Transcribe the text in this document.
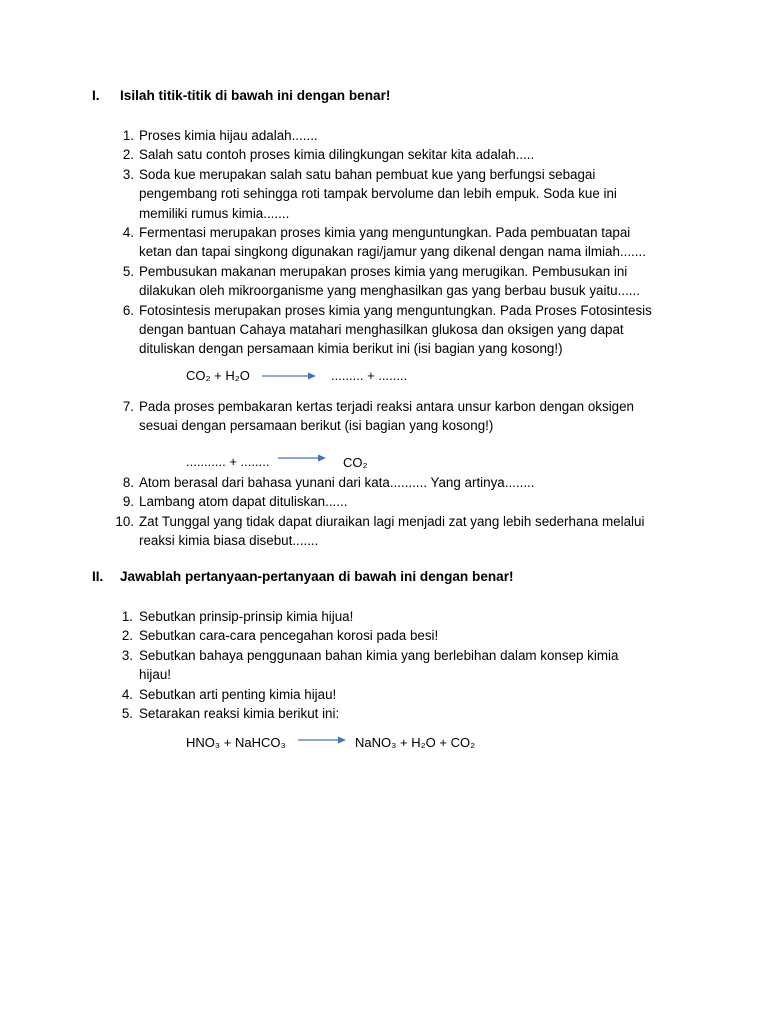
I. Isilah titik-titik di bawah ini dengan benar!
1. Proses kimia hijau adalah.......
2. Salah satu contoh proses kimia dilingkungan sekitar kita adalah.....
3. Soda kue merupakan salah satu bahan pembuat kue yang berfungsi sebagai
pengembang roti sehingga roti tampak bervolume dan lebih empuk. Soda kue ini
memiliki rumus kimia.......
4. Fermentasi merupakan proses kimia yang menguntungkan. Pada pembuatan tapai
ketan dan tapai singkong digunakan ragi/jamur yang dikenal dengan nama ilmiah.......
5. Pembusukan makanan merupakan proses kimia yang merugikan. Pembusukan ini
dilakukan oleh mikroorganisme yang menghasilkan gas yang berbau busuk yaitu......
6. Fotosintesis merupakan proses kimia yang menguntungkan. Pada Proses Fotosintesis
dengan bantuan Cahaya matahari menghasilkan glukosa dan oksigen yang dapat
dituliskan dengan persamaan kimia berikut ini (isi bagian yang kosong!)
CO₂ + H₂O	......... + ........
7. Pada proses pembakaran kertas terjadi reaksi antara unsur karbon dengan oksigen
sesuai dengan persamaan berikut (isi bagian yang kosong!)
........... + ........ → CO₂
8. Atom berasal dari bahasa yunani dari kata.......... Yang artinya........
9. Lambang atom dapat dituliskan......
10. Zat Tunggal yang tidak dapat diuraikan lagi menjadi zat yang lebih sederhana melalui
reaksi kimia biasa disebut.......
II. Jawablah pertanyaan-pertanyaan di bawah ini dengan benar!
1. Sebutkan prinsip-prinsip kimia hijua!
2. Sebutkan cara-cara pencegahan korosi pada besi!
3. Sebutkan bahaya penggunaan bahan kimia yang berlebihan dalam konsep kimia
hijau!
4. Sebutkan arti penting kimia hijau!
5. Setarakan reaksi kimia berikut ini:
HNO₃ + NaHCO₃ → NaNO₃ + H₂O + CO₂
